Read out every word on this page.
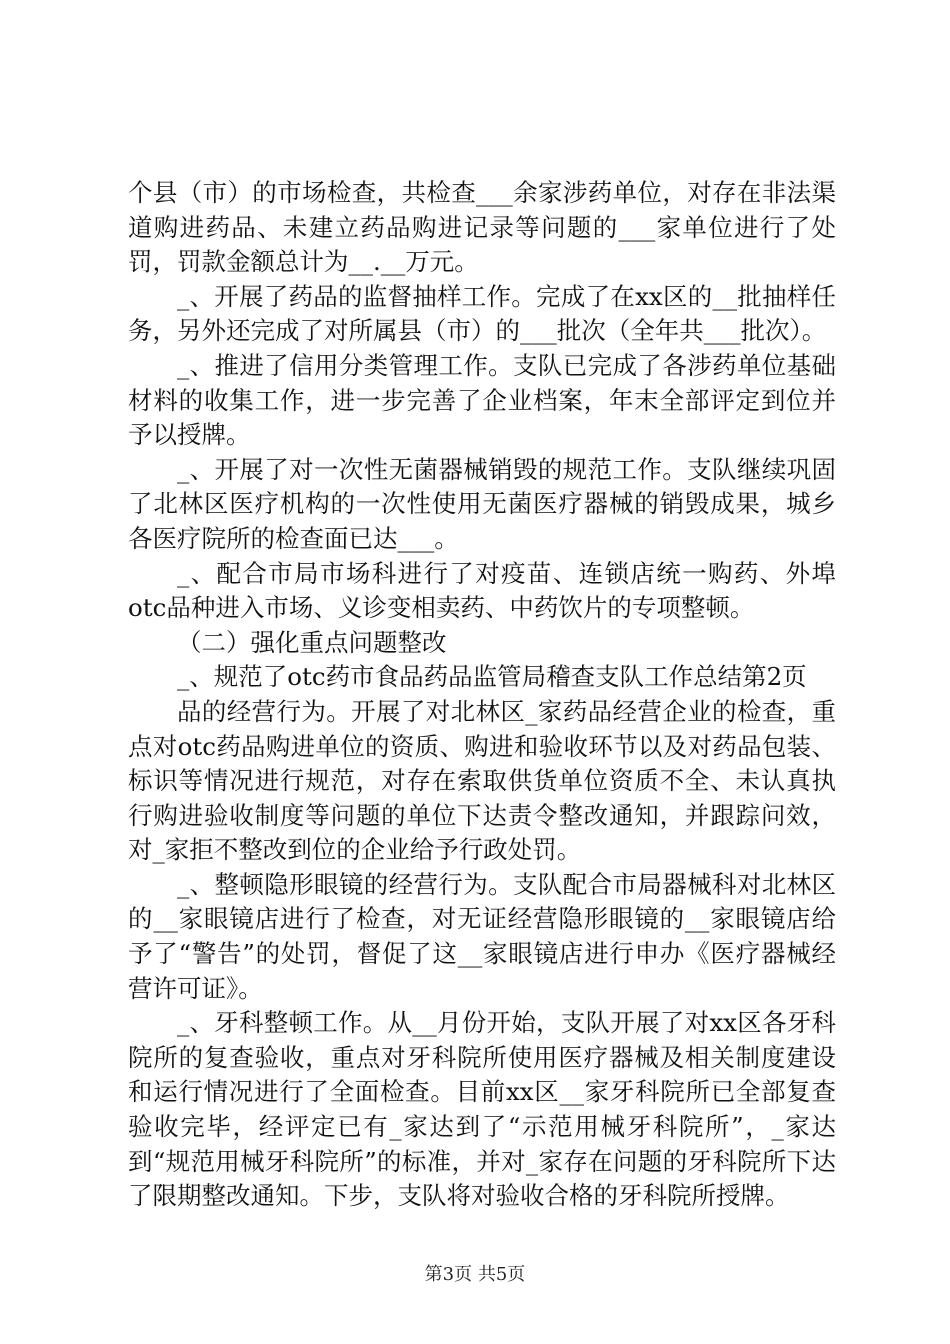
个县（市）的市场检查，共检查___余家涉药单位，对存在非法渠道购进药品、未建立药品购进记录等问题的___家单位进行了处罚，罚款金额总计为__.__万元。

_、开展了药品的监督抽样工作。完成了在xx区的__批抽样任务，另外还完成了对所属县（市）的___批次（全年共___批次）。

_、推进了信用分类管理工作。支队已完成了各涉药单位基础材料的收集工作，进一步完善了企业档案，年末全部评定到位并予以授牌。

_、开展了对一次性无菌器械销毁的规范工作。支队继续巩固了北林区医疗机构的一次性使用无菌医疗器械的销毁成果，城乡各医疗院所的检查面已达___。

_、配合市局市场科进行了对疫苗、连锁店统一购药、外埠otc品种进入市场、义诊变相卖药、中药饮片的专项整顿。

（二）强化重点问题整改

_、规范了otc药市食品药品监管局稽查支队工作总结第2页

品的经营行为。开展了对北林区_家药品经营企业的检查，重点对otc药品购进单位的资质、购进和验收环节以及对药品包装、标识等情况进行规范，对存在索取供货单位资质不全、未认真执行购进验收制度等问题的单位下达责令整改通知，并跟踪问效，对_家拒不整改到位的企业给予行政处罚。

_、整顿隐形眼镜的经营行为。支队配合市局器械科对北林区的__家眼镜店进行了检查，对无证经营隐形眼镜的__家眼镜店给予了“警告”的处罚，督促了这__家眼镜店进行申办《医疗器械经营许可证》。

_、牙科整顿工作。从__月份开始，支队开展了对xx区各牙科院所的复查验收，重点对牙科院所使用医疗器械及相关制度建设和运行情况进行了全面检查。目前xx区__家牙科院所已全部复查验收完毕，经评定已有_家达到了“示范用械牙科院所”，_家达到“规范用械牙科院所”的标准，并对_家存在问题的牙科院所下达了限期整改通知。下步，支队将对验收合格的牙科院所授牌。

第3页 共5页
